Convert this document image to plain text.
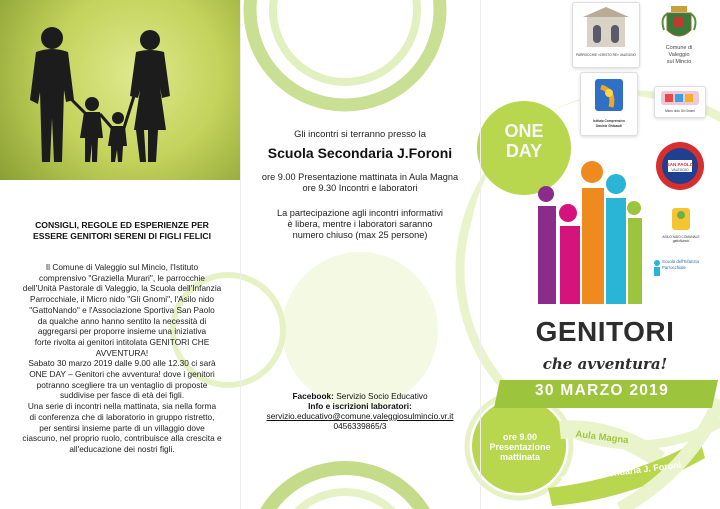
CONSIGLI, REGOLE ED ESPERIENZE PER
ESSERE GENITORI SERENI DI FIGLI FELICI
Il Comune di Valeggio sul Mincio, l'Istituto
comprensivo "Graziella Murari", le parrocchie
dell'Unità Pastorale di Valeggio, la Scuola dell'Infanzia
Parrocchiale, il Micro nido "Gli Gnomi", l'Asilo nido
"GattoNando" e l'Associazione Sportiva San Paolo
da qualche anno hanno sentito la necessità di
aggregarsi per proporre insieme una iniziativa
forte rivolta ai genitori intitolata GENITORI CHE
AVVENTURA!
Sabato 30 marzo 2019 dalle 9.00 alle 12.30 ci sarà
ONE DAY – Genitori che avventura! dove i genitori
potranno scegliere tra un ventaglio di proposte
suddivise per fasce di età dei figli.
Una serie di incontri nella mattinata, sia nella forma
di conferenza che di laboratorio in gruppo ristretto,
per sentirsi insieme parte di un villaggio dove
ciascuno, nel proprio ruolo, contribuisce alla crescita e
all'educazione dei nostri figli.
Gli incontri si terranno presso la
Scuola Secondaria J.Foroni
ore 9.00 Presentazione mattinata in Aula Magna
ore 9.30 Incontri e laboratori
La partecipazione agli incontri informativi
è libera, mentre i laboratori saranno
numero chiuso (max 25 persone)
Facebook: Servizio Socio Educativo
Info e iscrizioni laboratori:
servizio.educativo@comune.valeggiosulmincio.vr.it
0456339865/3
PARROCCHIE «CRISTO RE» VALEGGIO
Istituto Comprensivo
Daniele Ghibaudi
Comune di
Valeggio
sul Mincio
Micro nido Gli Gnomi
SAN PAOLO
VALEGGIO
ASILO NIDO COMUNALE gattoNando
Scuola dell'Infanzia
Parrocchiale
ONE
DAY
GENITORI
che avventura!
30 MARZO 2019
ore 9.00
Presentazione
mattinata
Aula Magna
Scuola Secondaria J. Foroni
